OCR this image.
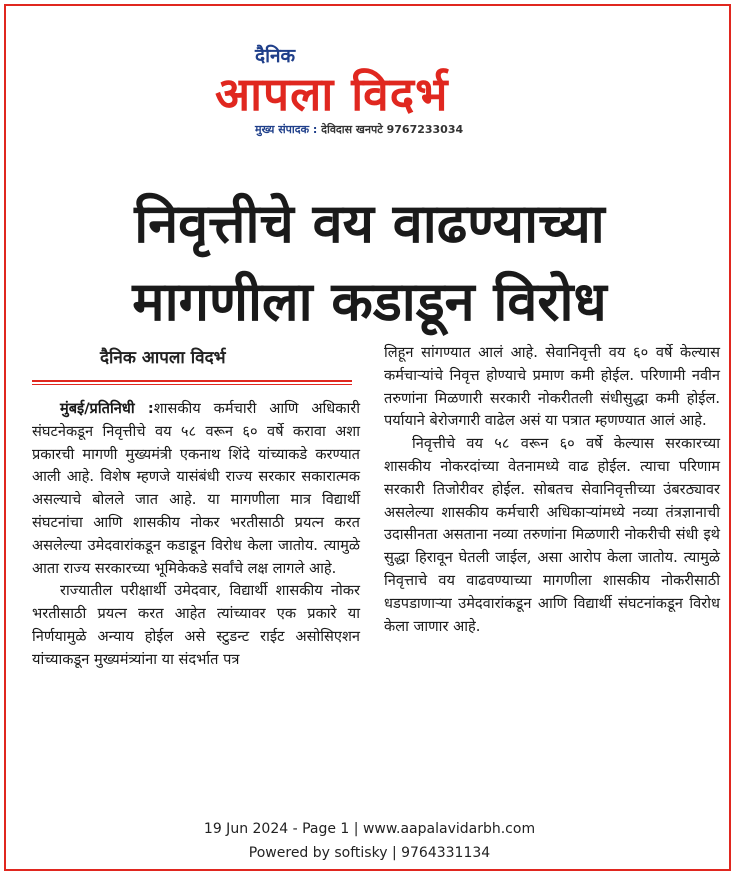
दैनिक
आपला विदर्भ
मुख्य संपादक : देविदास खनपटे 9767233034
निवृत्तीचे वय वाढण्याच्या
मागणीला कडाडून विरोध
दैनिक आपला विदर्भ

मुंबई/प्रतिनिधी :शासकीय कर्मचारी आणि अधिकारी संघटनेकडून निवृत्तीचे वय ५८ वरून ६० वर्षे करावा अशा प्रकारची मागणी मुख्यमंत्री एकनाथ शिंदे यांच्याकडे करण्यात आली आहे. विशेष म्हणजे यासंबंधी राज्य सरकार सकारात्मक असल्याचे बोलले जात आहे. या मागणीला मात्र विद्यार्थी संघटनांचा आणि शासकीय नोकर भरतीसाठी प्रयत्न करत असलेल्या उमेदवारांकडून कडाडून विरोध केला जातोय. त्यामुळे आता राज्य सरकारच्या भूमिकेकडे सर्वांचे लक्ष लागले आहे.

राज्यातील परीक्षार्थी उमेदवार, विद्यार्थी शासकीय नोकर भरतीसाठी प्रयत्न करत आहेत त्यांच्यावर एक प्रकारे या निर्णयामुळे अन्याय होईल असे स्टुडन्ट राईट असोसिएशन यांच्याकडून मुख्यमंत्र्यांना या संदर्भात पत्र

लिहून सांगण्यात आलं आहे. सेवानिवृत्ती वय ६० वर्षे केल्यास कर्मचाऱ्यांचे निवृत्त होण्याचे प्रमाण कमी होईल. परिणामी नवीन तरुणांना मिळणारी सरकारी नोकरीतली संधीसुद्धा कमी होईल. पर्यायाने बेरोजगारी वाढेल असं या पत्रात म्हणण्यात आलं आहे.

निवृत्तीचे वय ५८ वरून ६० वर्षे केल्यास सरकारच्या शासकीय नोकरदांच्या वेतनामध्ये वाढ होईल. त्याचा परिणाम सरकारी तिजोरीवर होईल. सोबतच सेवानिवृत्तीच्या उंबरठ्यावर असलेल्या शासकीय कर्मचारी अधिकाऱ्यांमध्ये नव्या तंत्रज्ञानाची उदासीनता असताना नव्या तरुणांना मिळणारी नोकरीची संधी इथे सुद्धा हिरावून घेतली जाईल, असा आरोप केला जातोय. त्यामुळे निवृत्ताचे वय वाढवण्याच्या मागणीला शासकीय नोकरीसाठी धडपडाणाऱ्या उमेदवारांकडून आणि विद्यार्थी संघटनांकडून विरोध केला जाणार आहे.

19 Jun 2024 - Page 1 | www.aapalavidarbh.com
Powered by softisky | 9764331134
